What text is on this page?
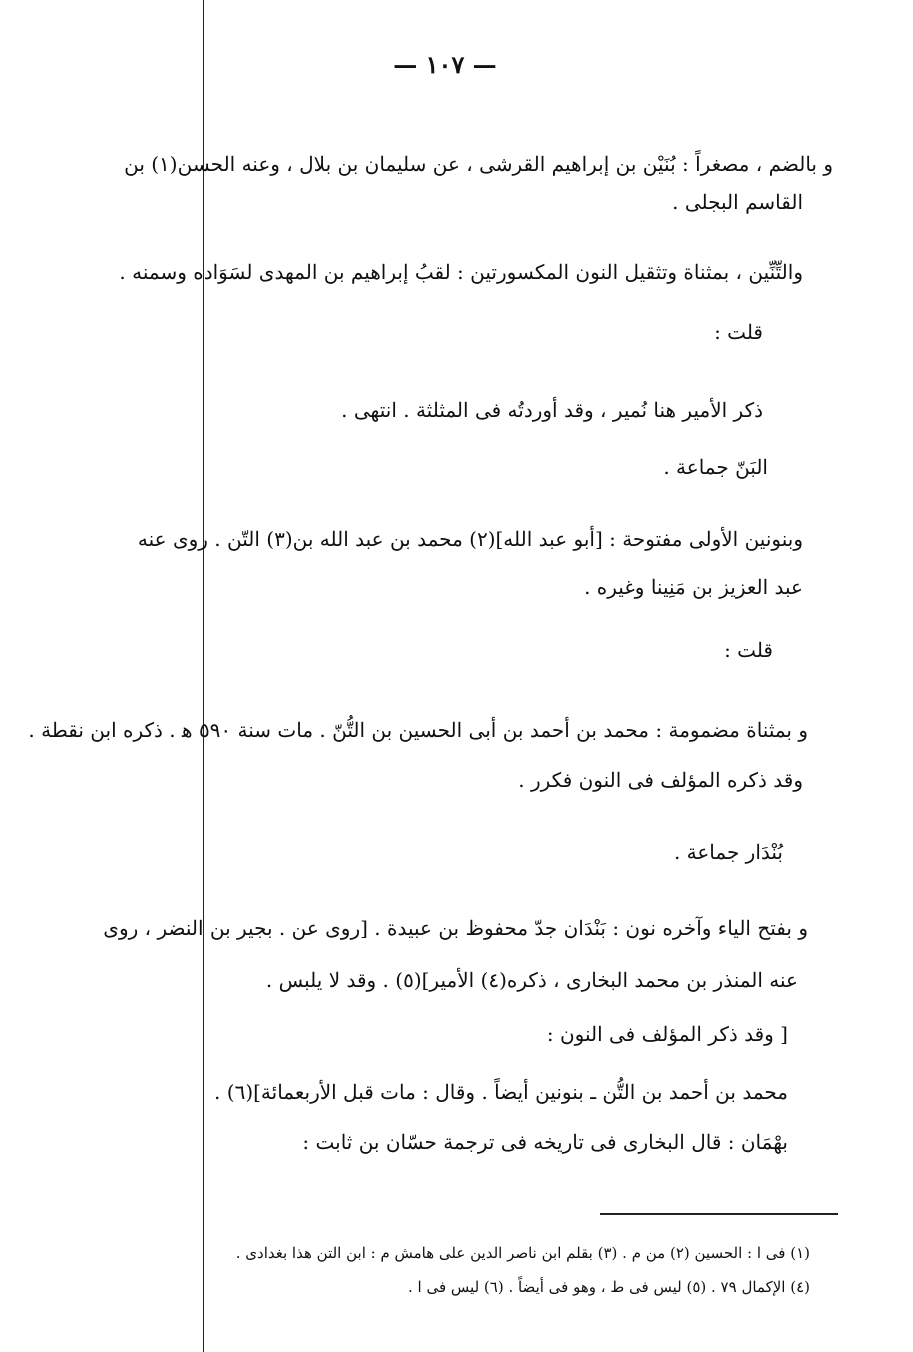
— ١٠٧ —
و بالضم ، مصغراً : بُنَيْن بن إبراهيم القرشى ، عن سليمان بن بلال ، وعنه الحسن(١) بن
القاسم البجلى .
والتِّنِّين ، بمثناة وتثقيل النون المكسورتين : لقبُ إبراهيم بن المهدى لسَوَاده وسمنه .
قلت :
ذكر الأمير هنا نُمير ، وقد أوردتُه فى المثلثة . انتهى .
البَنّ جماعة .
وبنونين الأولى مفتوحة : [أبو عبد الله](٢) محمد بن عبد الله بن(٣) التّن . روى عنه
عبد العزيز بن مَنِينا وغيره .
قلت :
و بمثناة مضمومة : محمد بن أحمد بن أبى الحسين بن التُّنّ . مات سنة ٥٩٠ ﻫ . ذكره ابن نقطة .
وقد ذكره المؤلف فى النون فكرر .
بُنْدَار جماعة .
و بفتح الياء وآخره نون : بَنْدَان جدّ محفوظ بن عبيدة . [روى عن . بجير بن النضر ، روى
عنه المنذر بن محمد البخارى ، ذكره(٤) الأمير](٥) . وقد لا يلبس .
[ وقد ذكر المؤلف فى النون :
محمد بن أحمد بن التُّن ـ بنونين أيضاً . وقال : مات قبل الأربعمائة](٦) .
بهْمَان : قال البخارى فى تاريخه فى ترجمة حسّان بن ثابت :
(١) فى ا : الحسين (٢) من م . (٣) بقلم ابن ناصر الدين على هامش م : ابن التن هذا بغدادى .
(٤) الإكمال ٧٩ . (٥) ليس فى ط ، وهو فى أيضاً . (٦) ليس فى ا .
